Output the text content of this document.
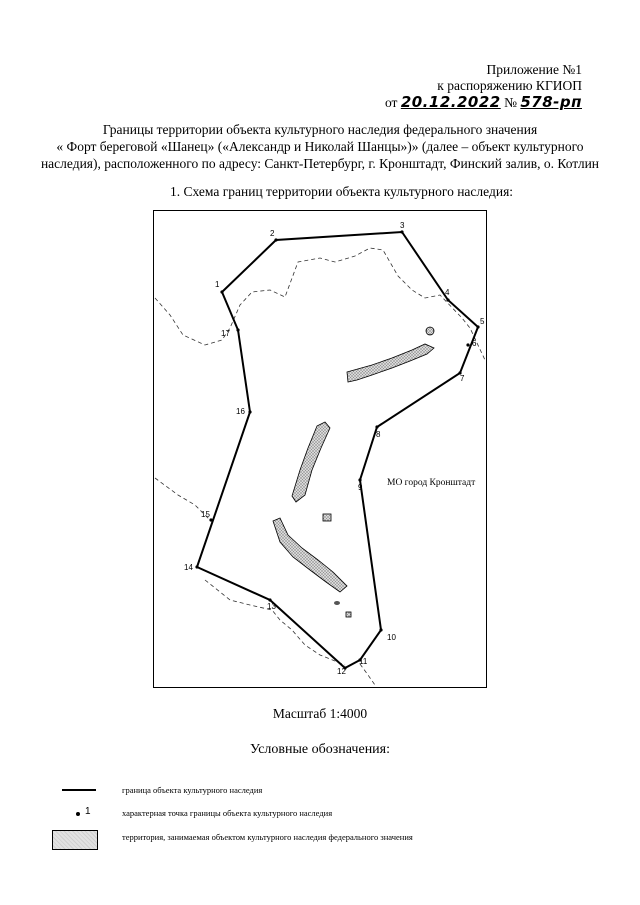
Приложение №1
к распоряжению КГИОП
от 20.12.2022 № 578-рп
Границы территории объекта культурного наследия федерального значения
« Форт береговой «Шанец» («Александр и Николай Шанцы»)» (далее – объект культурного
наследия), расположенного по адресу: Санкт-Петербург, г. Кронштадт, Финский залив, о. Котлин
1. Схема границ территории объекта культурного наследия:
1
2
3
4
5
6
7
8
9
10
11
12
13
14
15
16
17
МО город Кронштадт
Масштаб 1:4000
Условные обозначения:
граница объекта культурного наследия
1	характерная точка границы объекта культурного наследия
территория, занимаемая объектом культурного наследия федерального значения
